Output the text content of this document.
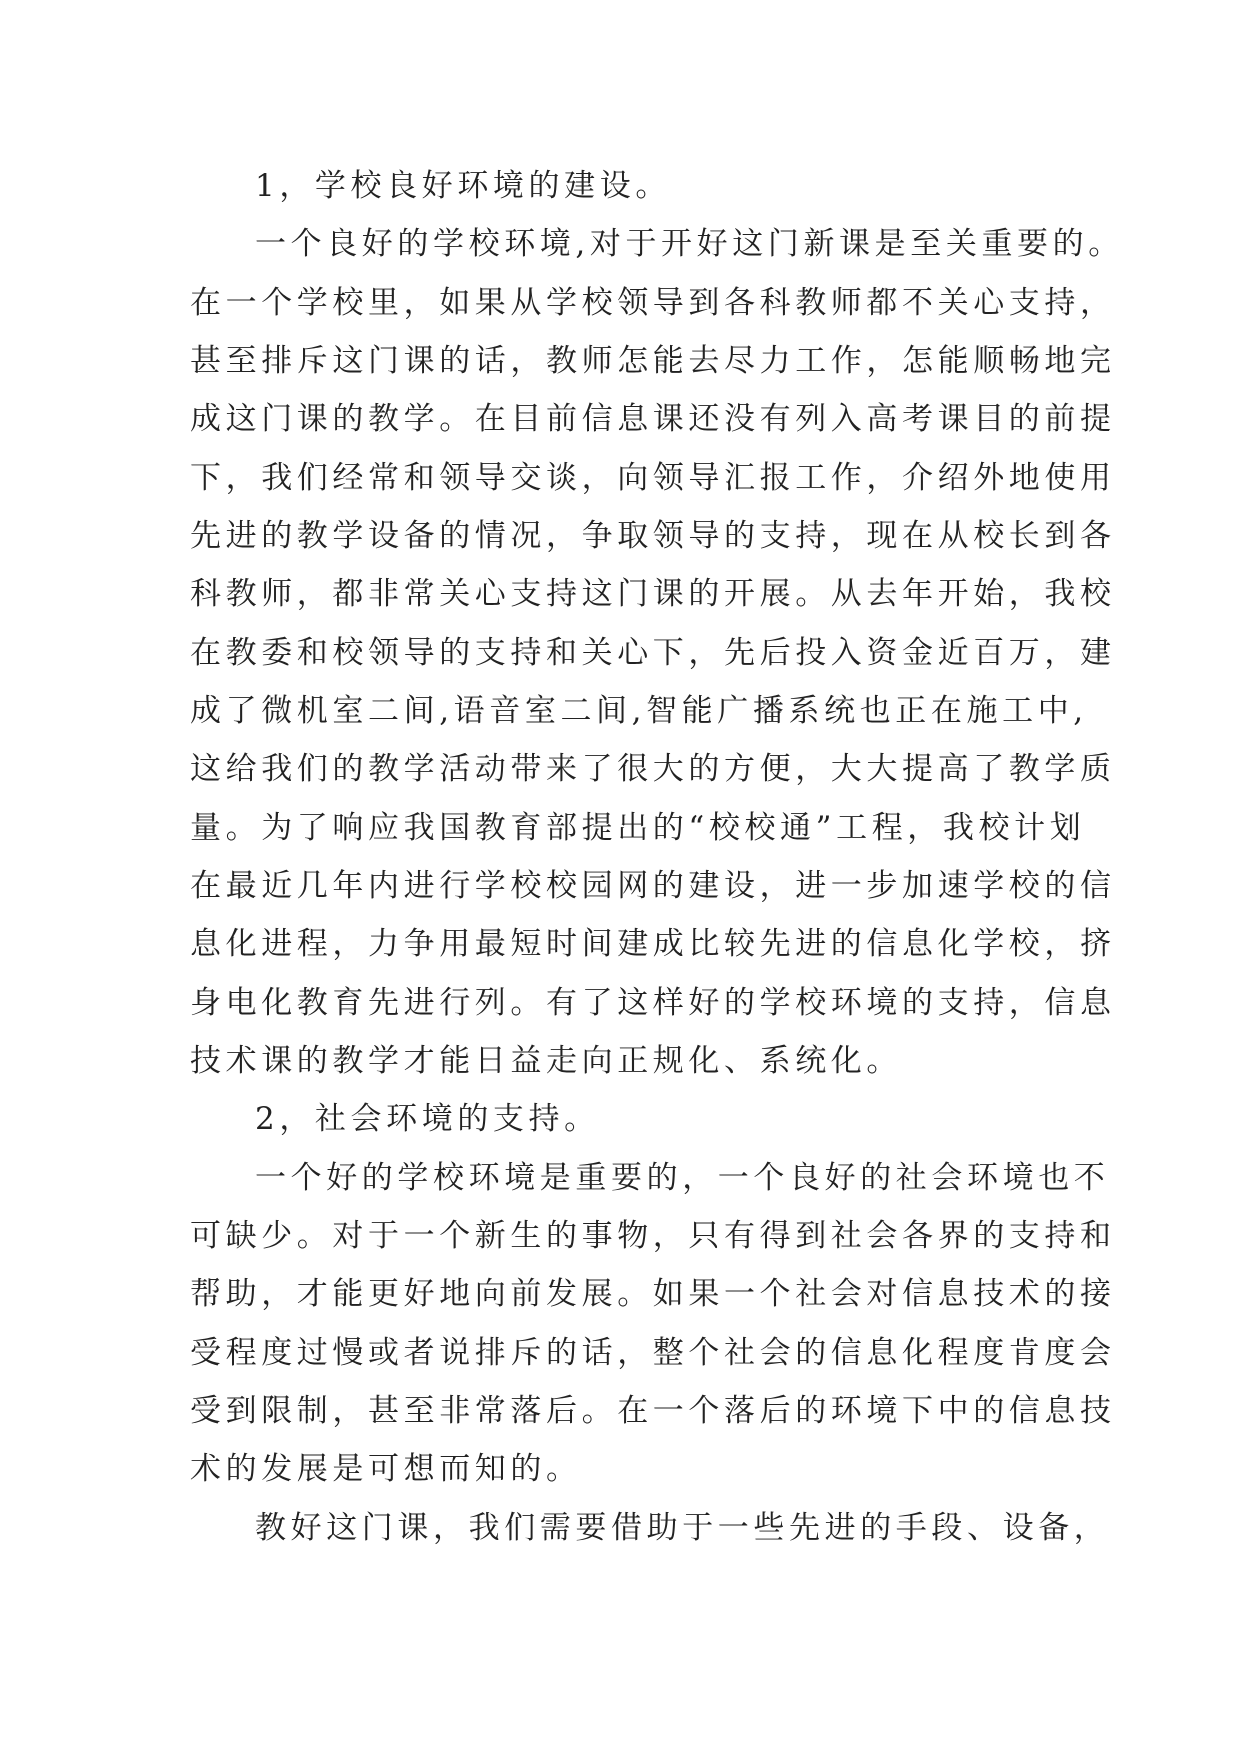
1，学校良好环境的建设。
一个良好的学校环境,对于开好这门新课是至关重要的。
在一个学校里，如果从学校领导到各科教师都不关心支持，
甚至排斥这门课的话，教师怎能去尽力工作，怎能顺畅地完
成这门课的教学。在目前信息课还没有列入高考课目的前提
下，我们经常和领导交谈，向领导汇报工作，介绍外地使用
先进的教学设备的情况，争取领导的支持，现在从校长到各
科教师，都非常关心支持这门课的开展。从去年开始，我校
在教委和校领导的支持和关心下，先后投入资金近百万，建
成了微机室二间,语音室二间,智能广播系统也正在施工中,
这给我们的教学活动带来了很大的方便，大大提高了教学质
量。为了响应我国教育部提出的“校校通”工程，我校计划
在最近几年内进行学校校园网的建设，进一步加速学校的信
息化进程，力争用最短时间建成比较先进的信息化学校，挤
身电化教育先进行列。有了这样好的学校环境的支持，信息
技术课的教学才能日益走向正规化、系统化。
2，社会环境的支持。
一个好的学校环境是重要的，一个良好的社会环境也不
可缺少。对于一个新生的事物，只有得到社会各界的支持和
帮助，才能更好地向前发展。如果一个社会对信息技术的接
受程度过慢或者说排斥的话，整个社会的信息化程度肯度会
受到限制，甚至非常落后。在一个落后的环境下中的信息技
术的发展是可想而知的。
教好这门课，我们需要借助于一些先进的手段、设备，
